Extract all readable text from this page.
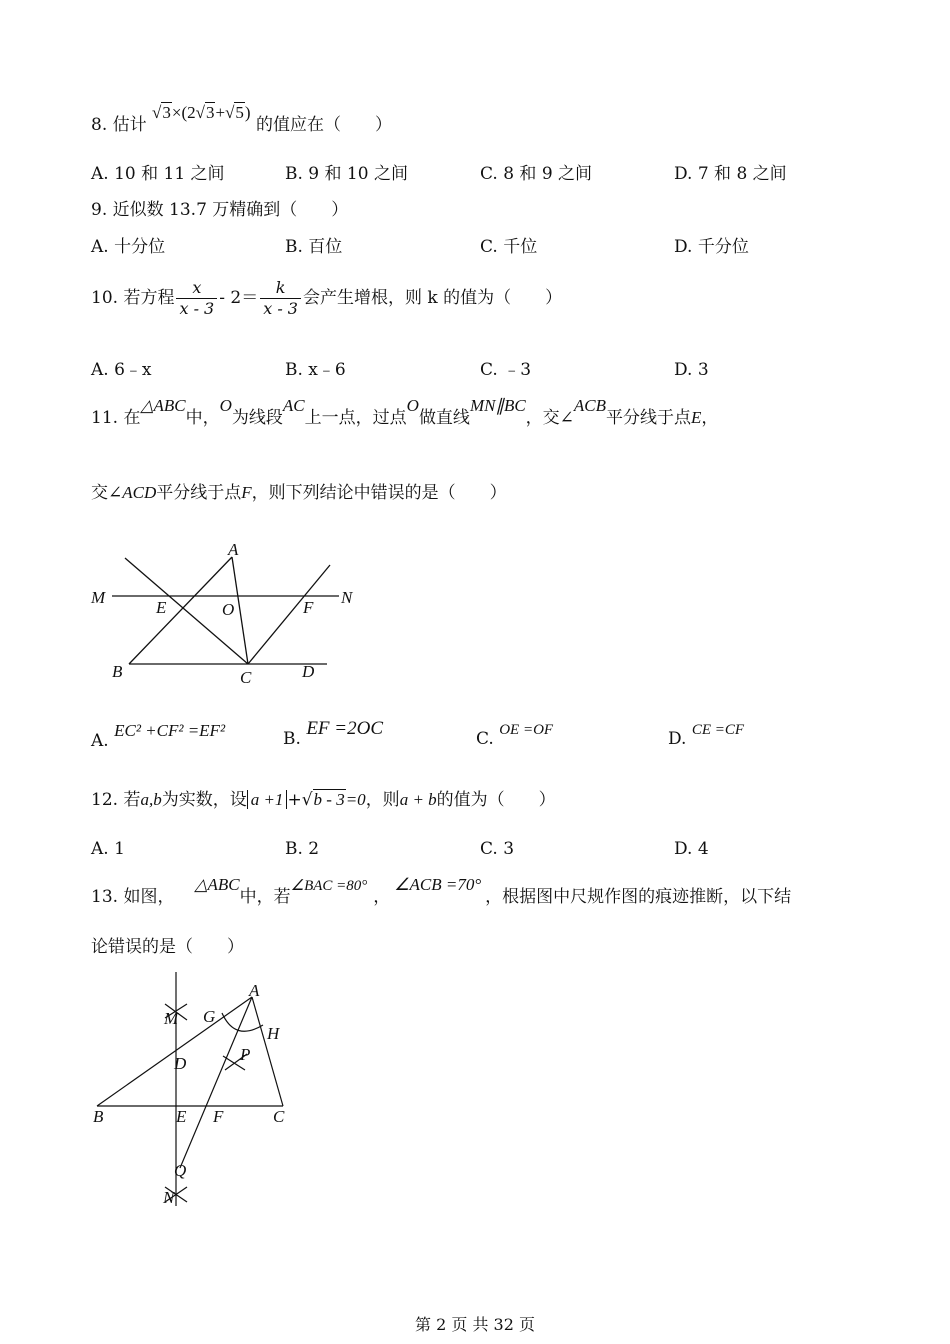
8. 估计 √3×(2√3+√5) 的值应在（　　）
A. 10 和 11 之间	B. 9 和 10 之间	C. 8 和 9 之间	D. 7 和 8 之间
9. 近似数 13.7 万精确到（　　）
A. 十分位	B. 百位	C. 千位	D. 千分位
10. 若方程 $\frac{x}{x - 3} - 2= \frac{k}{x - 3}$ 会产生增根，则 k 的值为（　　）
A. 6﹣x	B. x﹣6	C. ﹣3	D. 3
11. 在△ABC中，O为线段AC上一点，过点O做直线MN∥BC，交∠ACB平分线于点E，
交∠ACD平分线于点F，则下列结论中错误的是（　　）
A
M
E	O	F
N
B	C	D
A. EC² +CF² =EF²	B. EF =2OC	C. OE =OF	D. CE =CF
12. 若a,b为实数，设 a +1 +√b - 3=0，则a + b的值为（　　）
A. 1	B. 2	C. 3	D. 4
13. 如图，△ABC中，若∠BAC =80°，∠ACB =70°，根据图中尺规作图的痕迹推断，以下结
论错误的是（　　）
A
M G
H
D	P
B	E F	C
Q
N
第 2 页 共 32 页
